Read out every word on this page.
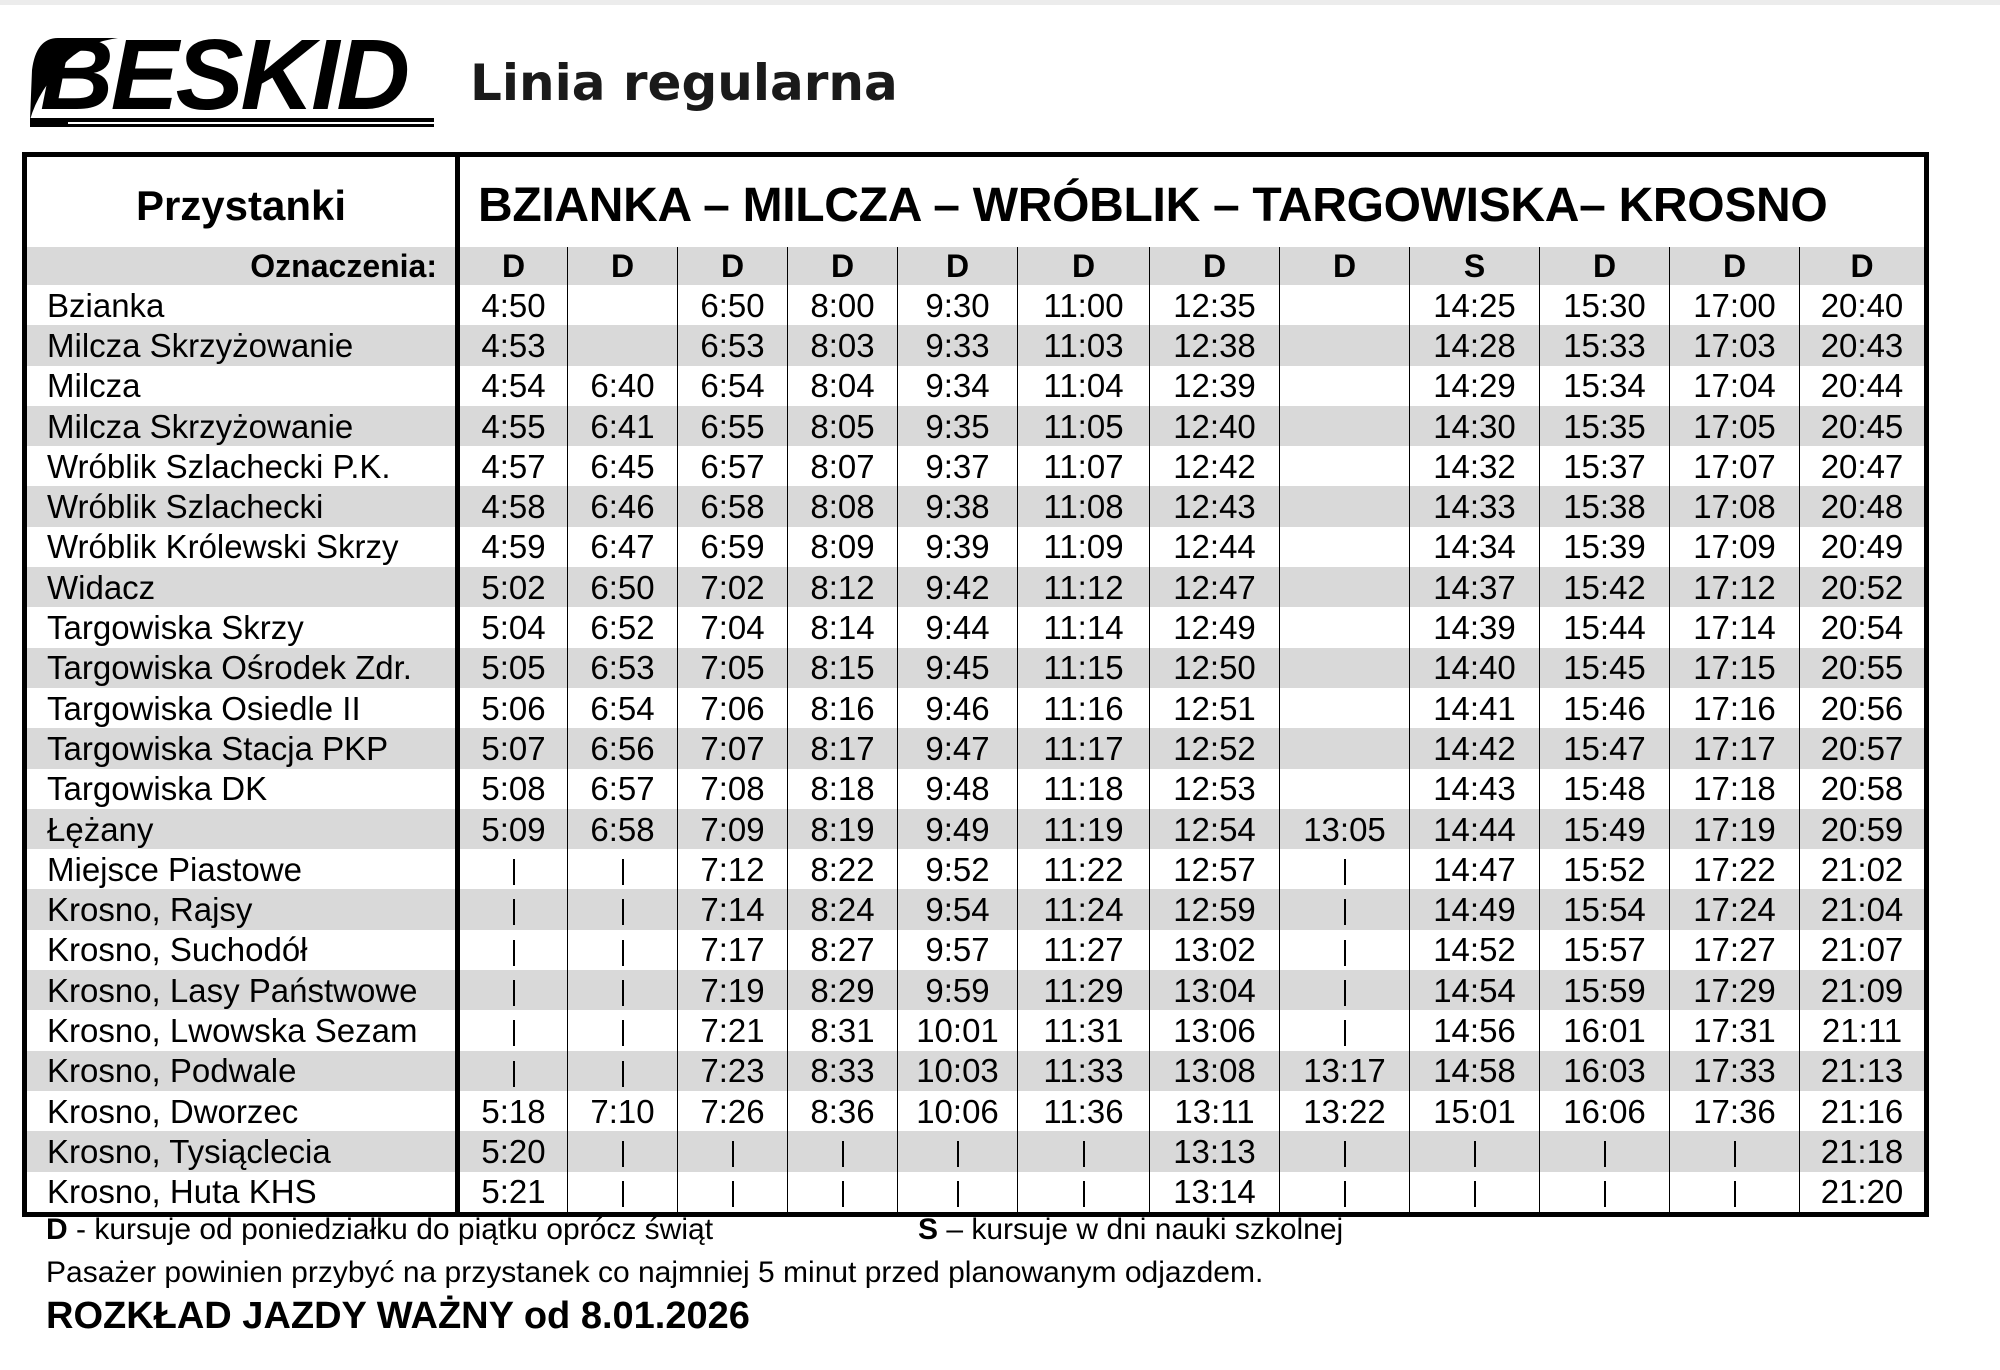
BESKID Linia regularna
Przystanki	BZIANKA – MILCZA – WRÓBLIK – TARGOWISKA– KROSNO											
Oznaczenia:	D	D	D	D	D	D	D	D	S	D	D	D
Bzianka	4:50		6:50	8:00	9:30	11:00	12:35		14:25	15:30	17:00	20:40
Milcza Skrzyżowanie	4:53		6:53	8:03	9:33	11:03	12:38		14:28	15:33	17:03	20:43
Milcza	4:54	6:40	6:54	8:04	9:34	11:04	12:39		14:29	15:34	17:04	20:44
Milcza Skrzyżowanie	4:55	6:41	6:55	8:05	9:35	11:05	12:40		14:30	15:35	17:05	20:45
Wróblik Szlachecki P.K.	4:57	6:45	6:57	8:07	9:37	11:07	12:42		14:32	15:37	17:07	20:47
Wróblik Szlachecki	4:58	6:46	6:58	8:08	9:38	11:08	12:43		14:33	15:38	17:08	20:48
Wróblik Królewski Skrzy	4:59	6:47	6:59	8:09	9:39	11:09	12:44		14:34	15:39	17:09	20:49
Widacz	5:02	6:50	7:02	8:12	9:42	11:12	12:47		14:37	15:42	17:12	20:52
Targowiska Skrzy	5:04	6:52	7:04	8:14	9:44	11:14	12:49		14:39	15:44	17:14	20:54
Targowiska Ośrodek Zdr.	5:05	6:53	7:05	8:15	9:45	11:15	12:50		14:40	15:45	17:15	20:55
Targowiska Osiedle II	5:06	6:54	7:06	8:16	9:46	11:16	12:51		14:41	15:46	17:16	20:56
Targowiska Stacja PKP	5:07	6:56	7:07	8:17	9:47	11:17	12:52		14:42	15:47	17:17	20:57
Targowiska DK	5:08	6:57	7:08	8:18	9:48	11:18	12:53		14:43	15:48	17:18	20:58
Łężany	5:09	6:58	7:09	8:19	9:49	11:19	12:54	13:05	14:44	15:49	17:19	20:59
Miejsce Piastowe			7:12	8:22	9:52	11:22	12:57		14:47	15:52	17:22	21:02
Krosno, Rajsy			7:14	8:24	9:54	11:24	12:59		14:49	15:54	17:24	21:04
Krosno, Suchodół			7:17	8:27	9:57	11:27	13:02		14:52	15:57	17:27	21:07
Krosno, Lasy Państwowe			7:19	8:29	9:59	11:29	13:04		14:54	15:59	17:29	21:09
Krosno, Lwowska Sezam			7:21	8:31	10:01	11:31	13:06		14:56	16:01	17:31	21:11
Krosno, Podwale			7:23	8:33	10:03	11:33	13:08	13:17	14:58	16:03	17:33	21:13
Krosno, Dworzec	5:18	7:10	7:26	8:36	10:06	11:36	13:11	13:22	15:01	16:06	17:36	21:16
Krosno, Tysiąclecia	5:20						13:13					21:18
Krosno, Huta KHS	5:21						13:14					21:20
D - kursuje od poniedziałku do piątku oprócz świąt	S – kursuje w dni nauki szkolnej
Pasażer powinien przybyć na przystanek co najmniej 5 minut przed planowanym odjazdem.
ROZKŁAD JAZDY WAŻNY od 8.01.2026
